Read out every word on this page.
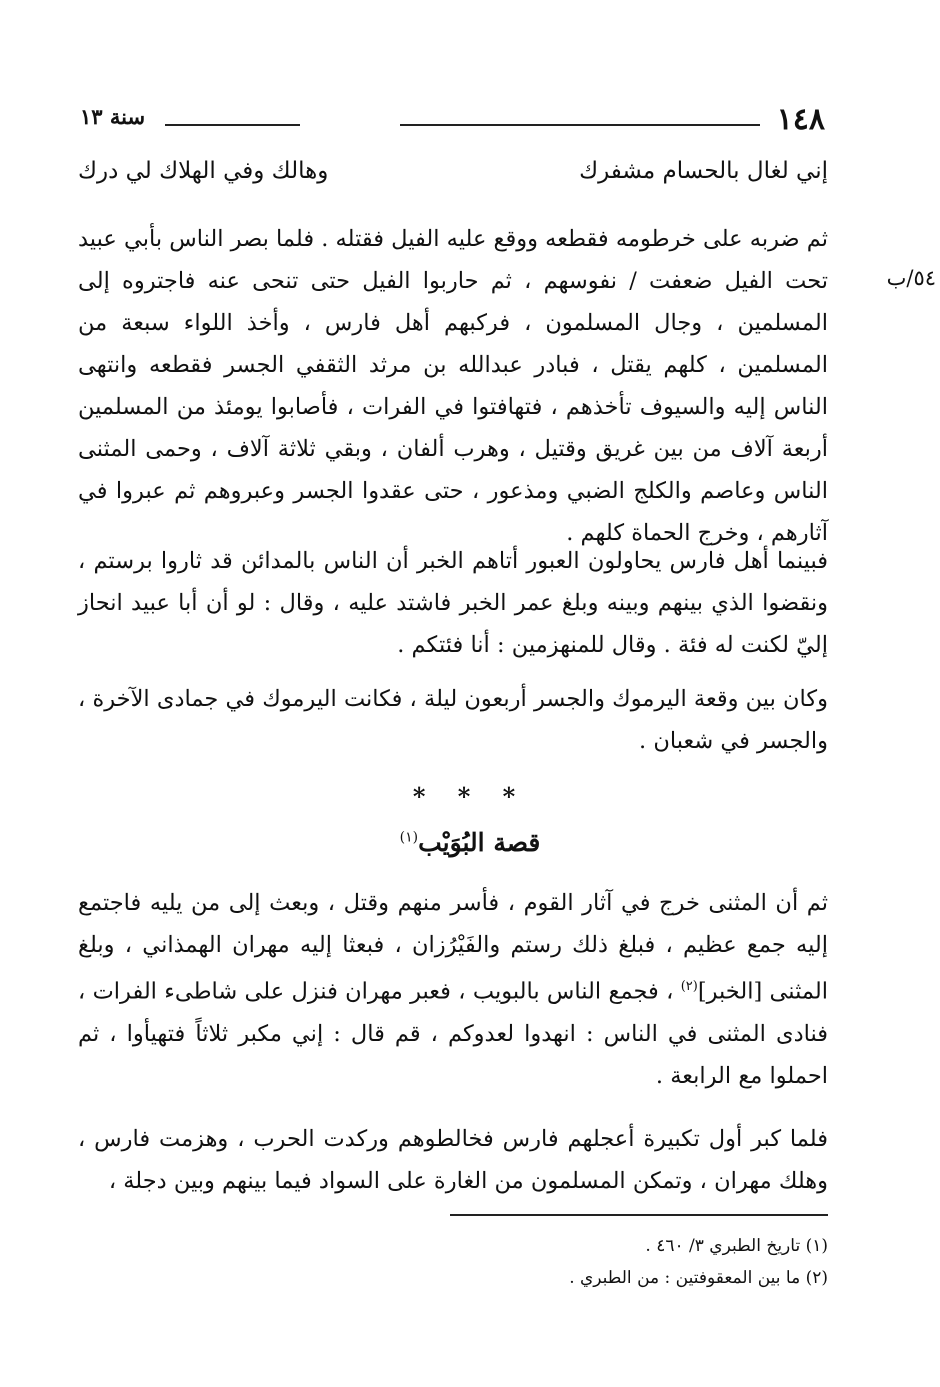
١٤٨
سنة ١٣
إني لغال بالحسام مشفرك
وهالك وفي الهلاك لي درك
٥٤/ب

ثم ضربه على خرطومه فقطعه ووقع عليه الفيل فقتله . فلما بصر الناس بأبي عبيد تحت الفيل ضعفت / نفوسهم ، ثم حاربوا الفيل حتى تنحى عنه فاجتروه إلى المسلمين ، وجال المسلمون ، فركبهم أهل فارس ، وأخذ اللواء سبعة من المسلمين ، كلهم يقتل ، فبادر عبدالله بن مرثد الثقفي الجسر فقطعه وانتهى الناس إليه والسيوف تأخذهم ، فتهافتوا في الفرات ، فأصابوا يومئذ من المسلمين أربعة آلاف من بين غريق وقتيل ، وهرب ألفان ، وبقي ثلاثة آلاف ، وحمى المثنى الناس وعاصم والكلج الضبي ومذعور ، حتى عقدوا الجسر وعبروهم ثم عبروا في آثارهم ، وخرج الحماة كلهم .

فبينما أهل فارس يحاولون العبور أتاهم الخبر أن الناس بالمدائن قد ثاروا برستم ، ونقضوا الذي بينهم وبينه وبلغ عمر الخبر فاشتد عليه ، وقال : لو أن أبا عبيد انحاز إليّ لكنت له فئة . وقال للمنهزمين : أنا فئتكم .

وكان بين وقعة اليرموك والجسر أربعون ليلة ، فكانت اليرموك في جمادى الآخرة ، والجسر في شعبان .

* * *
قصة البُوَيْب$^{(١)}$

ثم أن المثنى خرج في آثار القوم ، فأسر منهم وقتل ، وبعث إلى من يليه فاجتمع إليه جمع عظيم ، فبلغ ذلك رستم والفَيْرُزان ، فبعثا إليه مهران الهمذاني ، وبلغ المثنى [الخبر]$^{(٢)}$ ، فجمع الناس بالبويب ، فعبر مهران فنزل على شاطىء الفرات ، فنادى المثنى في الناس : انهدوا لعدوكم ، قم قال : إني مكبر ثلاثاً فتهيأوا ، ثم احملوا مع الرابعة .

فلما كبر أول تكبيرة أعجلهم فارس فخالطوهم وركدت الحرب ، وهزمت فارس ، وهلك مهران ، وتمكن المسلمون من الغارة على السواد فيما بينهم وبين دجلة ،

(١) تاريخ الطبري ٣/ ٤٦٠ .
(٢) ما بين المعقوفتين : من الطبري .
